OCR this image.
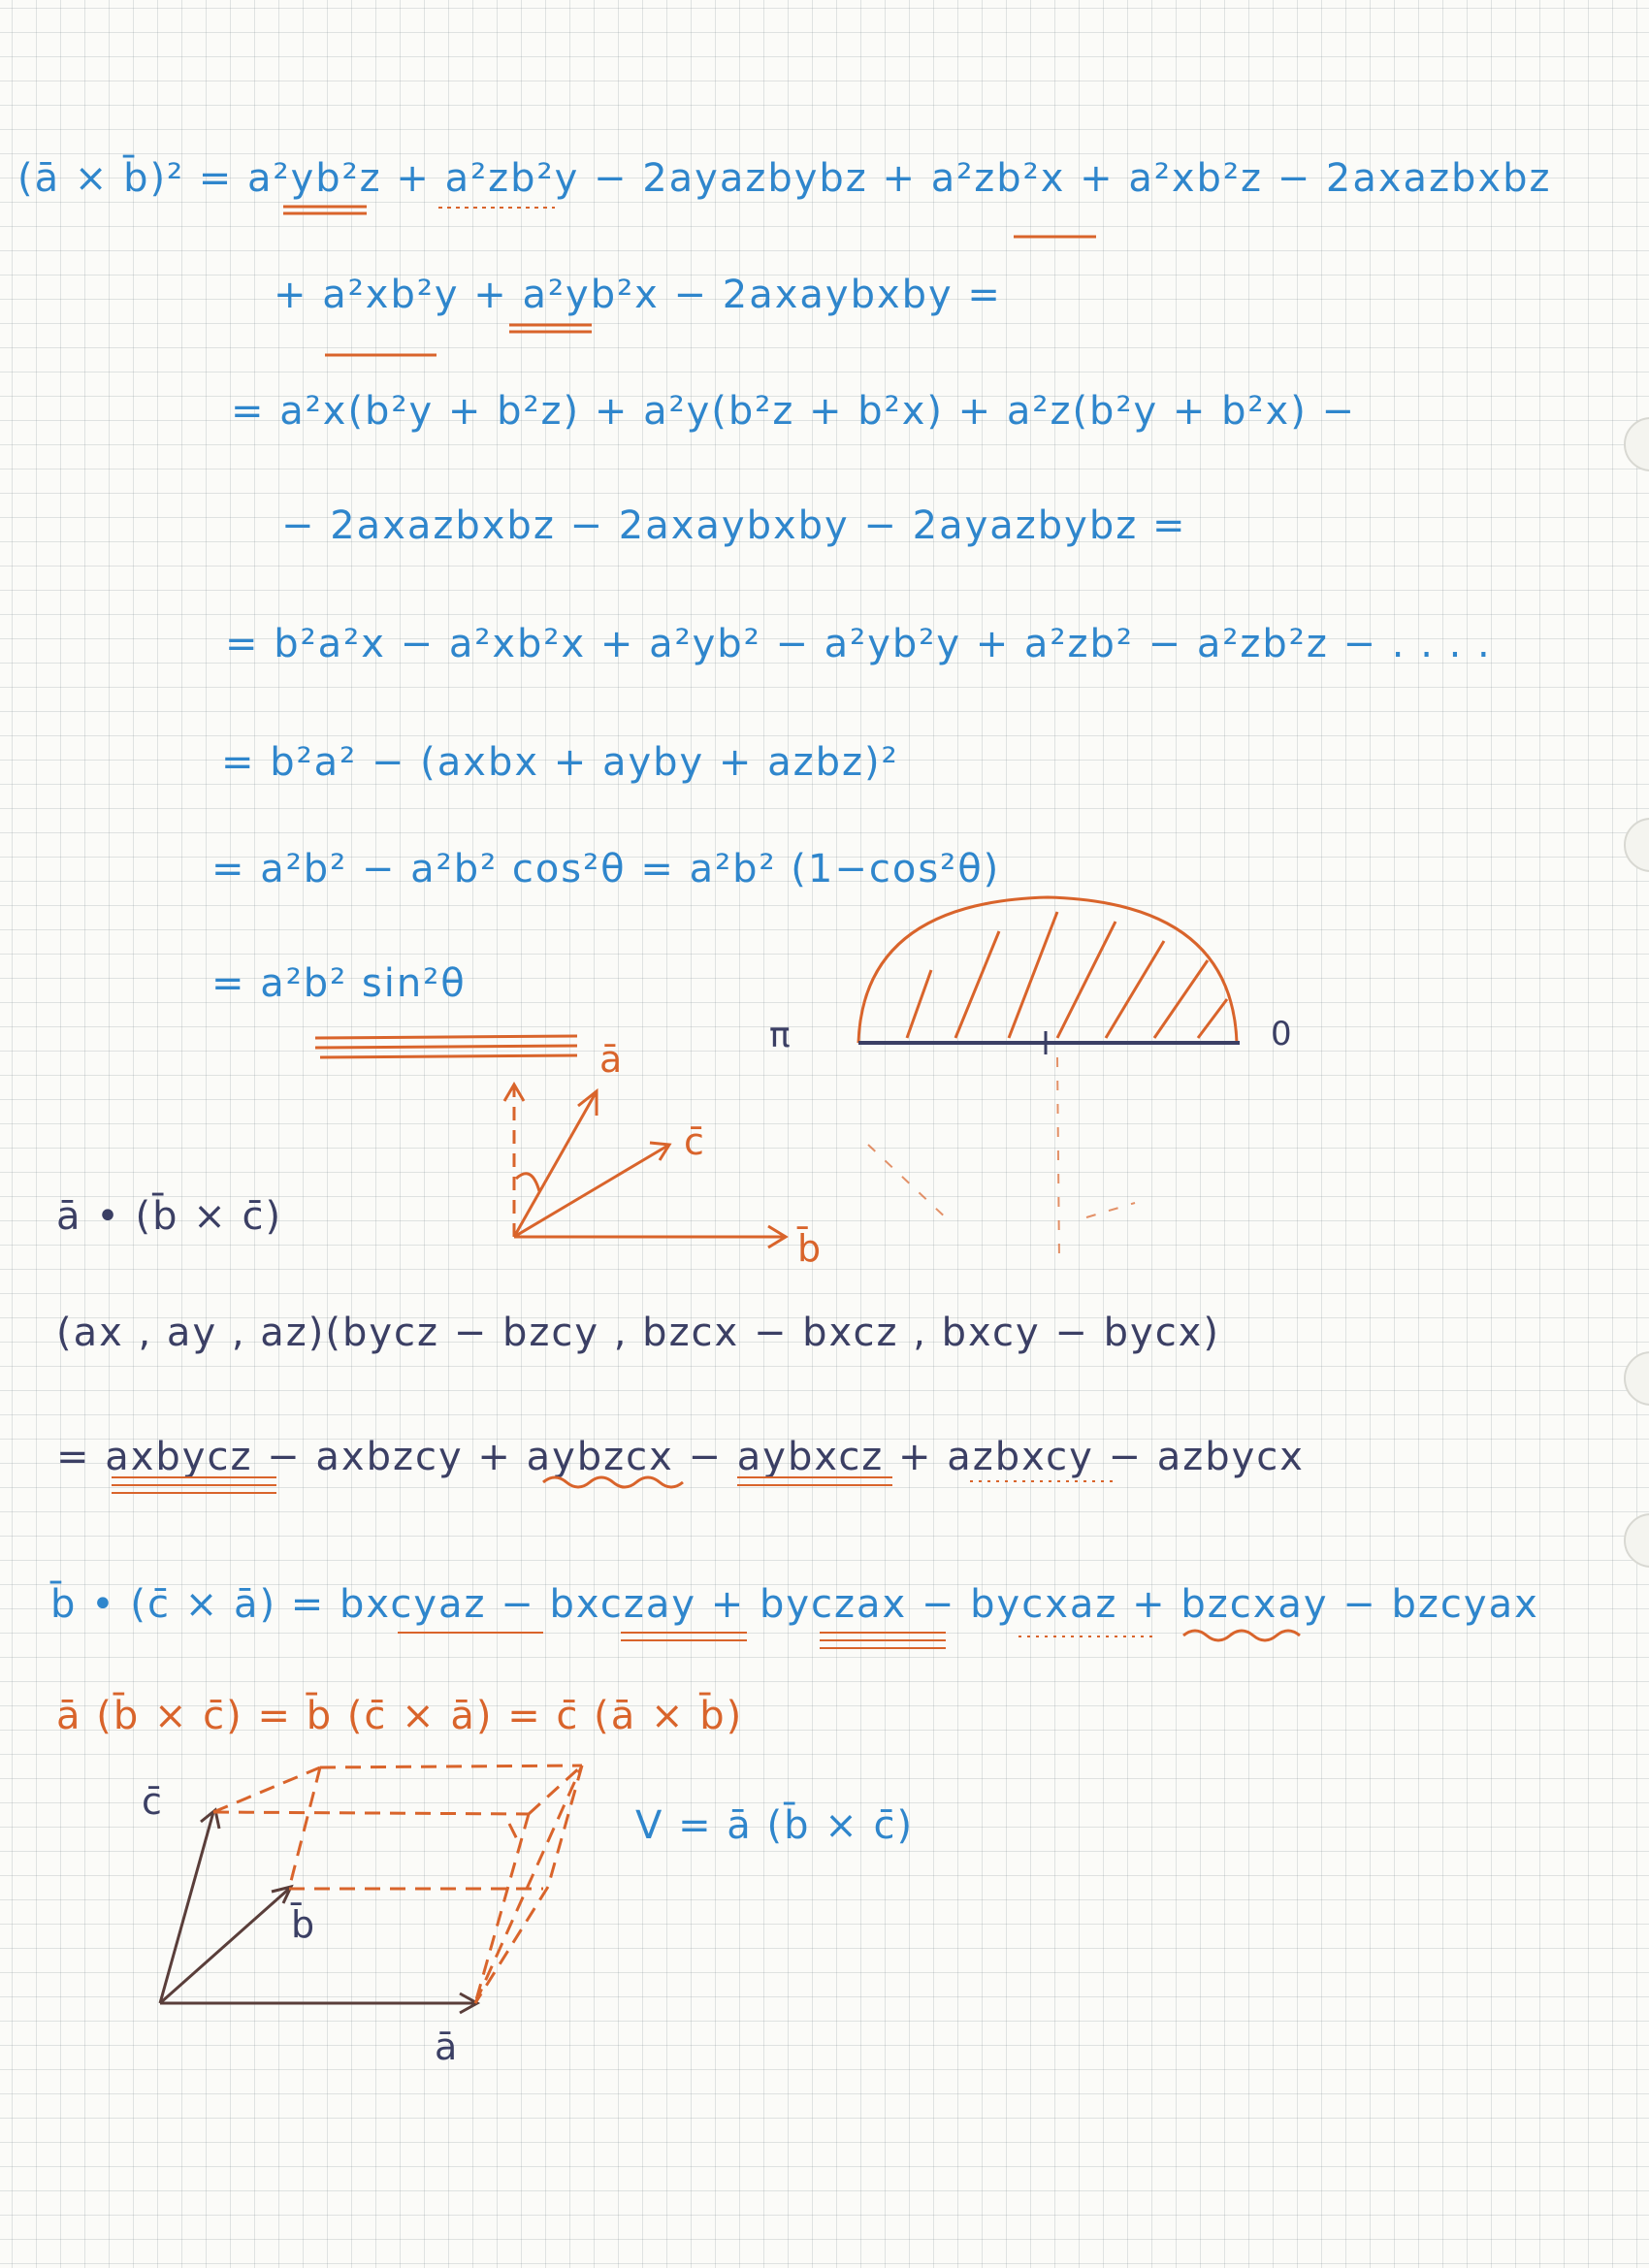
(ā × b̄)² = a²yb²z + a²zb²y − 2ayazbybz + a²zb²x + a²xb²z − 2axazbxbz
+ a²xb²y + a²yb²x − 2axaybxby =
= a²x(b²y + b²z) + a²y(b²z + b²x) + a²z(b²y + b²x) −
− 2axazbxbz − 2axaybxby − 2ayazbybz =
= b²a²x − a²xb²x + a²yb² − a²yb²y + a²zb² − a²zb²z − . . . .
= b²a² − (axbx + ayby + azbz)²
= a²b² − a²b² cos²θ = a²b² (1−cos²θ)
= a²b² sin²θ
π	0
ā
c̄
b̄
ā • (b̄ × c̄)
(ax , ay , az)(bycz − bzcy , bzcx − bxcz , bxcy − bycx)
= axbycz − axbzcy + aybzcx − aybxcz + azbxcy − azbycx
b̄ • (c̄ × ā) = bxcyaz − bxczay + byczax − bycxaz + bzcxay − bzcyax
ā (b̄ × c̄) = b̄ (c̄ × ā) = c̄ (ā × b̄)
c̄
b̄
ā
V = ā (b̄ × c̄)
